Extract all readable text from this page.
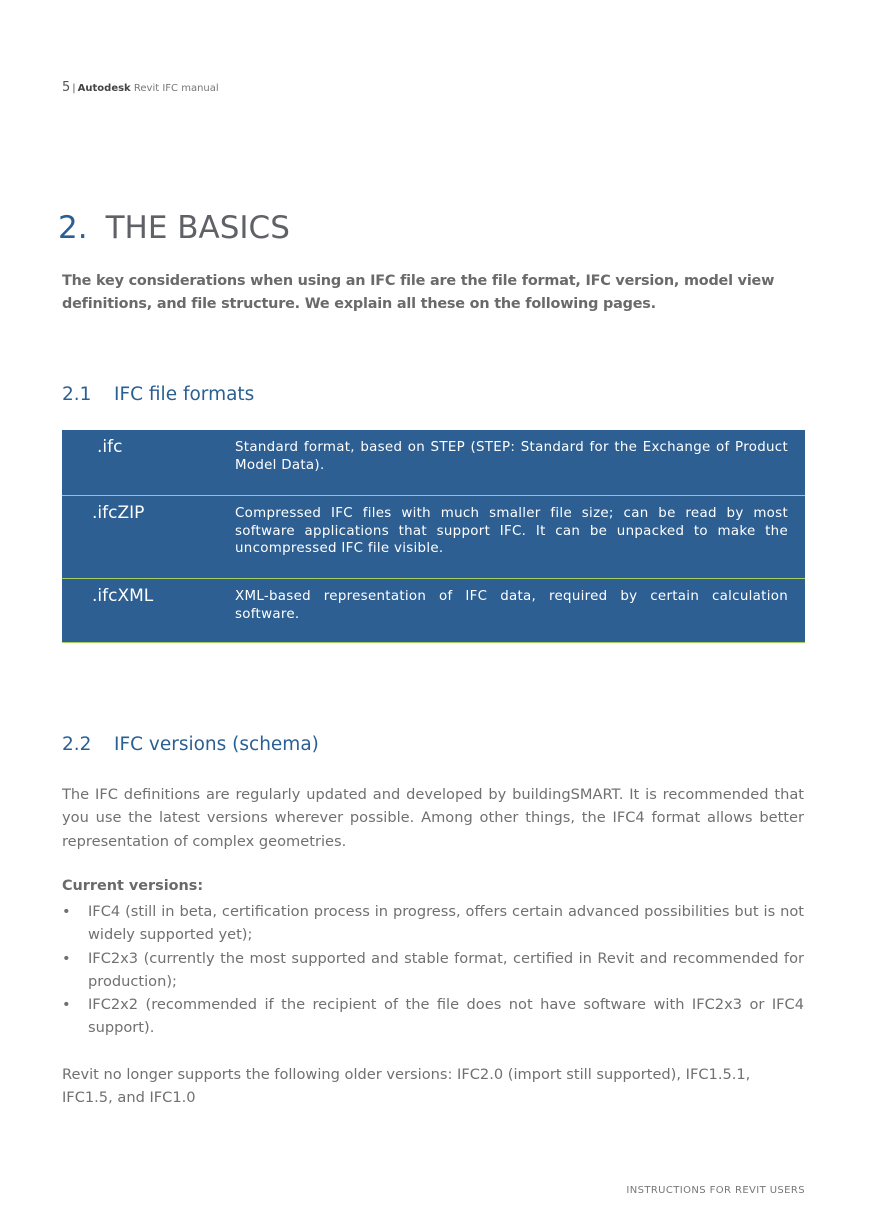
5 | Autodesk Revit IFC manual
2. THE BASICS
The key considerations when using an IFC file are the file format, IFC version, model view definitions, and file structure. We explain all these on the following pages.
2.1 IFC file formats
.ifc	Standard format, based on STEP (STEP: Standard for the Exchange of Product Model Data).
.ifcZIP	Compressed IFC files with much smaller file size; can be read by most software applications that support IFC. It can be unpacked to make the uncompressed IFC file visible.
.ifcXML	XML-based representation of IFC data, required by certain calculation software.
2.2 IFC versions (schema)
The IFC definitions are regularly updated and developed by buildingSMART. It is recommended that you use the latest versions wherever possible. Among other things, the IFC4 format allows better representation of complex geometries.
Current versions:
• IFC4 (still in beta, certification process in progress, offers certain advanced possibilities but is not widely supported yet);
• IFC2x3 (currently the most supported and stable format, certified in Revit and recommended for production);
• IFC2x2 (recommended if the recipient of the file does not have software with IFC2x3 or IFC4 support).
Revit no longer supports the following older versions: IFC2.0 (import still supported), IFC1.5.1, IFC1.5, and IFC1.0
INSTRUCTIONS FOR REVIT USERS
